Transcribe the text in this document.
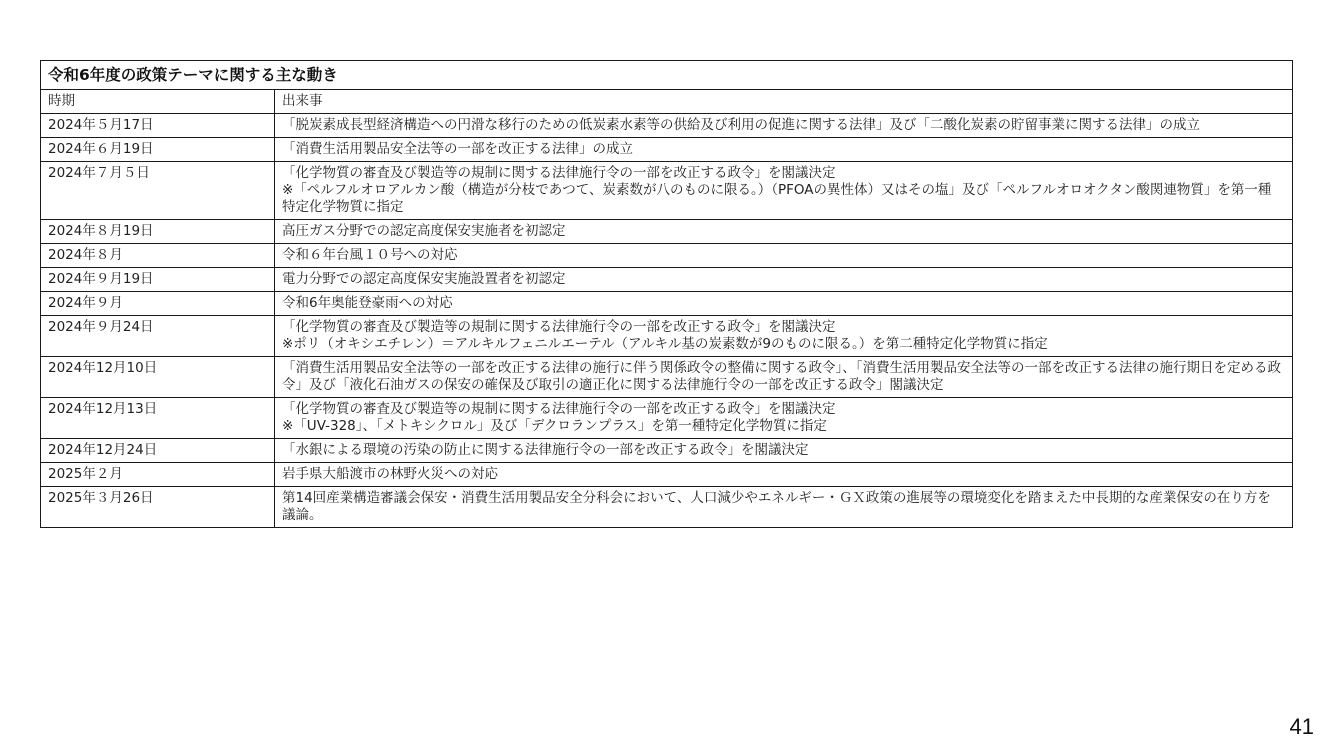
令和6年度の政策テーマに関する主な動き	
時期	出来事
2024年５月17日	「脱炭素成長型経済構造への円滑な移行のための低炭素水素等の供給及び利用の促進に関する法律」及び「二酸化炭素の貯留事業に関する法律」の成立

2024年６月19日	「消費生活用製品安全法等の一部を改正する法律」の成立

2024年７月５日	「化学物質の審査及び製造等の規制に関する法律施行令の一部を改正する政令」を閣議決定
※「ペルフルオロアルカン酸（構造が分枝であつて、炭素数が八のものに限る。）（PFOAの異性体）又はその塩」及び「ペルフルオロオクタン酸関連物質」を第一種特定化学物質に指定

2024年８月19日	高圧ガス分野での認定高度保安実施者を初認定

2024年８月	令和６年台風１０号への対応

2024年９月19日	電力分野での認定高度保安実施設置者を初認定

2024年９月	令和6年奥能登豪雨への対応

2024年９月24日	「化学物質の審査及び製造等の規制に関する法律施行令の一部を改正する政令」を閣議決定
※ポリ（オキシエチレン）＝アルキルフェニルエーテル（アルキル基の炭素数が9のものに限る。）を第二種特定化学物質に指定

2024年12月10日	「消費生活用製品安全法等の一部を改正する法律の施行に伴う関係政令の整備に関する政令」、「消費生活用製品安全法等の一部を改正する法律の施行期日を定める政令」及び「液化石油ガスの保安の確保及び取引の適正化に関する法律施行令の一部を改正する政令」閣議決定

2024年12月13日	「化学物質の審査及び製造等の規制に関する法律施行令の一部を改正する政令」を閣議決定
※「UV-328」、「メトキシクロル」及び「デクロランプラス」を第一種特定化学物質に指定

2024年12月24日	「水銀による環境の汚染の防止に関する法律施行令の一部を改正する政令」を閣議決定

2025年２月	岩手県大船渡市の林野火災への対応

2025年３月26日	第14回産業構造審議会保安・消費生活用製品安全分科会において、人口減少やエネルギー・ＧＸ政策の進展等の環境変化を踏まえた中長期的な産業保安の在り方を議論。
41
